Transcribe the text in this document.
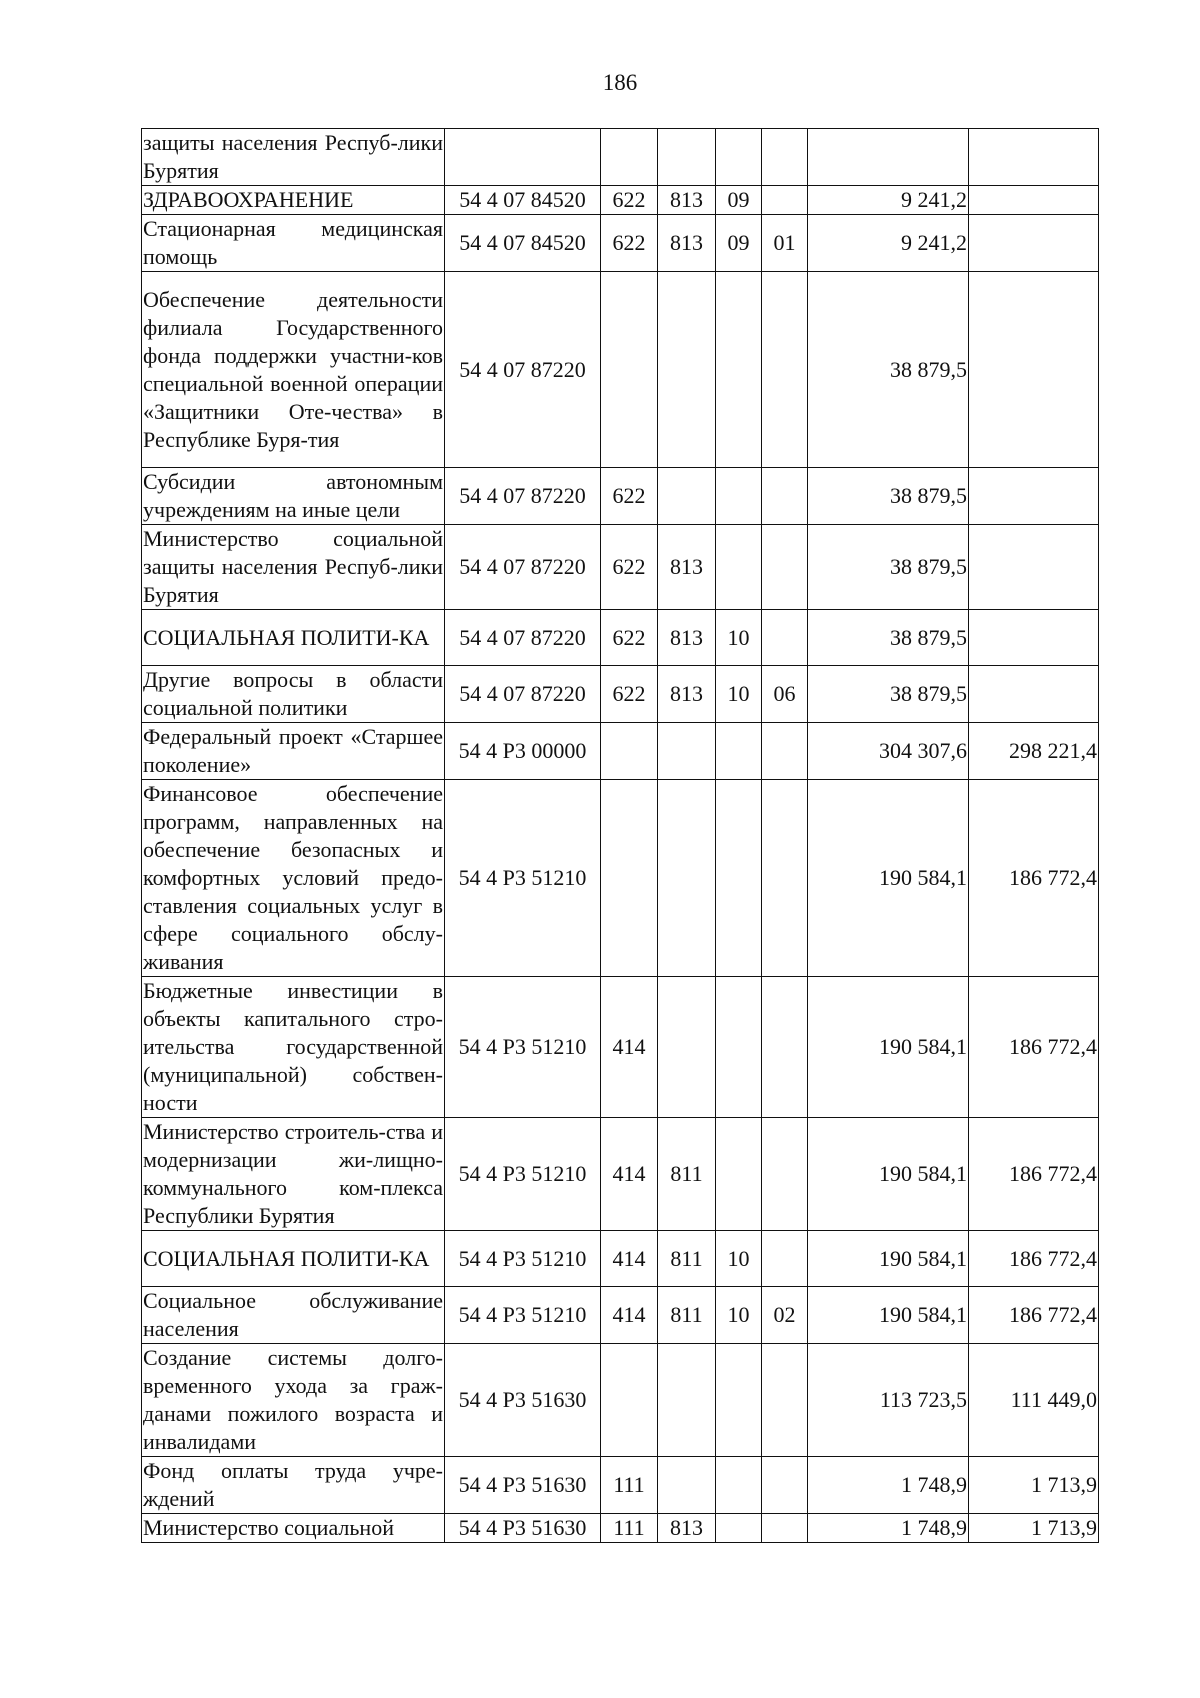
186
защиты населения Респуб-лики Бурятия							
ЗДРАВООХРАНЕНИЕ	54 4 07 84520	622	813	09		9 241,2	
Стационарная медицинская помощь	54 4 07 84520	622	813	09	01	9 241,2	
Обеспечение деятельности филиала Государственного фонда поддержки участни-ков специальной военной операции «Защитники Оте-чества» в Республике Буря-тия	54 4 07 87220					38 879,5	
Субсидии автономным учреждениям на иные цели	54 4 07 87220	622				38 879,5	
Министерство социальной защиты населения Респуб-лики Бурятия	54 4 07 87220	622	813			38 879,5	
СОЦИАЛЬНАЯ ПОЛИТИ-КА	54 4 07 87220	622	813	10		38 879,5	
Другие вопросы в области социальной политики	54 4 07 87220	622	813	10	06	38 879,5	
Федеральный проект «Старшее поколение»	54 4 Р3 00000					304 307,6	298 221,4
Финансовое обеспечение программ, направленных на обеспечение безопасных и комфортных условий предо-ставления социальных услуг в сфере социального обслу-живания	54 4 Р3 51210					190 584,1	186 772,4
Бюджетные инвестиции в объекты капитального стро-ительства государственной (муниципальной) собствен-ности	54 4 Р3 51210	414				190 584,1	186 772,4
Министерство строитель-ства и модернизации жи-лищно-коммунального ком-плекса Республики Бурятия	54 4 Р3 51210	414	811			190 584,1	186 772,4
СОЦИАЛЬНАЯ ПОЛИТИ-КА	54 4 Р3 51210	414	811	10		190 584,1	186 772,4
Социальное обслуживание населения	54 4 Р3 51210	414	811	10	02	190 584,1	186 772,4
Создание системы долго-временного ухода за граж-данами пожилого возраста и инвалидами	54 4 Р3 51630					113 723,5	111 449,0
Фонд оплаты труда учре-ждений	54 4 Р3 51630	111				1 748,9	1 713,9
Министерство социальной	54 4 Р3 51630	111	813			1 748,9	1 713,9
